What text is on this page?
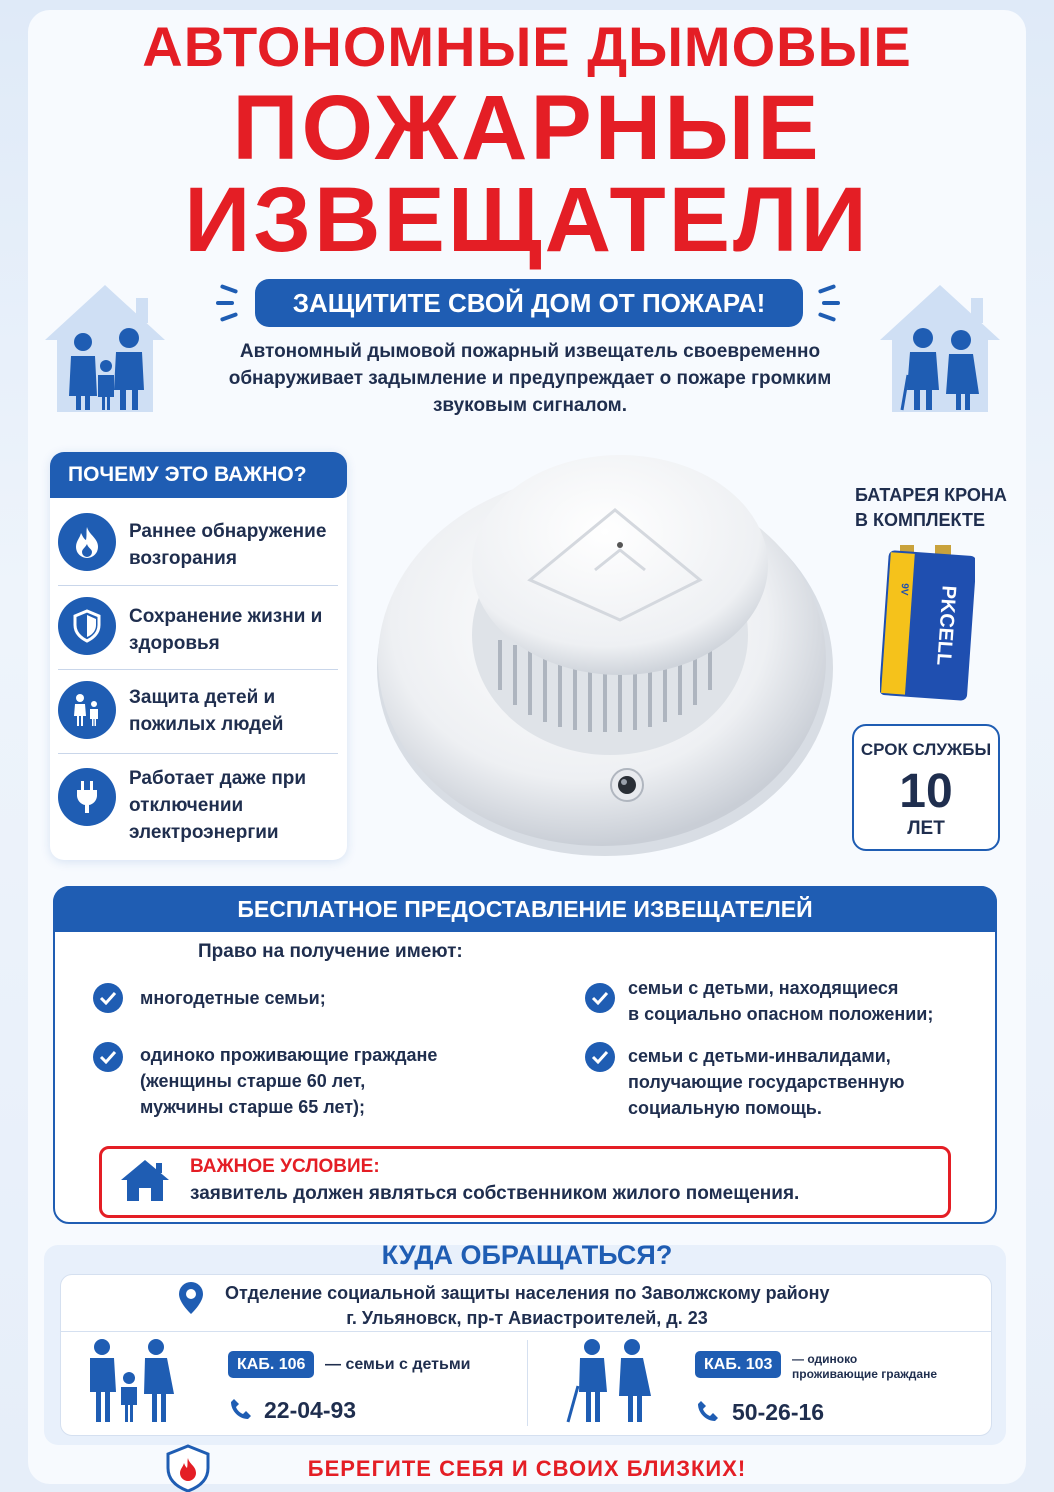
АВТОНОМНЫЕ ДЫМОВЫЕ
ПОЖАРНЫЕ
ИЗВЕЩАТЕЛИ
ЗАЩИТИТЕ СВОЙ ДОМ ОТ ПОЖАРА!
Автономный дымовой пожарный извещатель своевременно обнаруживает задымление и предупреждает о пожаре громким звуковым сигналом.
ПОЧЕМУ ЭТО ВАЖНО?
Раннее обнаружение возгорания
Сохранение жизни и здоровья
Защита детей и пожилых людей
Работает даже при отключении электроэнергии
БАТАРЕЯ КРОНА
В КОМПЛЕКТЕ
PKCELL
9V
СРОК СЛУЖБЫ
10
ЛЕТ
БЕСПЛАТНОЕ ПРЕДОСТАВЛЕНИЕ ИЗВЕЩАТЕЛЕЙ
Право на получение имеют:
многодетные семьи;
одиноко проживающие граждане
(женщины старше 60 лет,
мужчины старше 65 лет);
семьи с детьми, находящиеся
в социально опасном положении;
семьи с детьми-инвалидами,
получающие государственную
социальную помощь.
ВАЖНОЕ УСЛОВИЕ:
заявитель должен являться собственником жилого помещения.
КУДА ОБРАЩАТЬСЯ?
Отделение социальной защиты населения по Заволжскому району
г. Ульяновск, пр-т Авиастроителей, д. 23
КАБ. 106	— семьи с детьми
22-04-93
КАБ. 103	— одиноко
проживающие граждане
50-26-16
БЕРЕГИТЕ СЕБЯ И СВОИХ БЛИЗКИХ!
